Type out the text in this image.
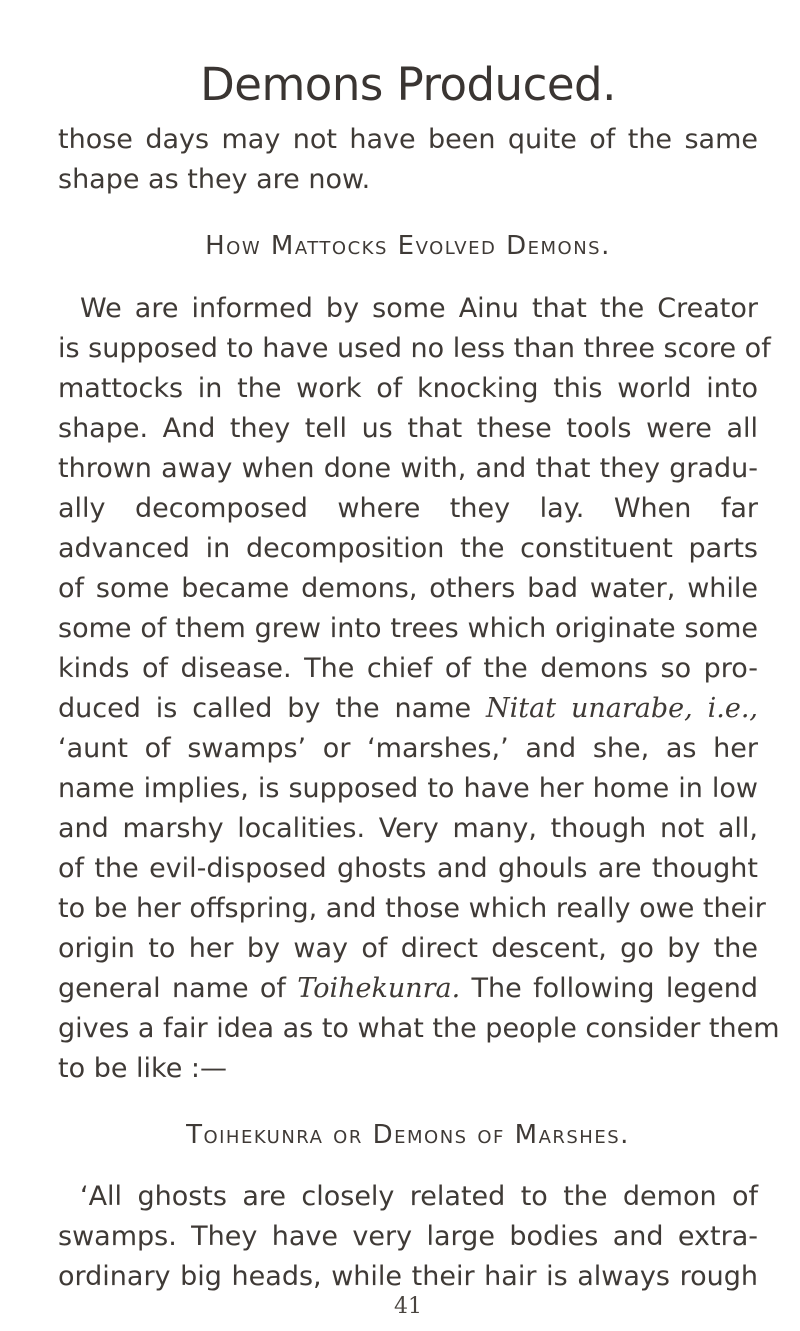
Demons Produced.
those days may not have been quite of the same
shape as they are now.
How Mattocks Evolved Demons.
We are informed by some Ainu that the Creator
is supposed to have used no less than three score of
mattocks in the work of knocking this world into
shape. And they tell us that these tools were all
thrown away when done with, and that they gradu-
ally decomposed where they lay. When far
advanced in decomposition the constituent parts
of some became demons, others bad water, while
some of them grew into trees which originate some
kinds of disease. The chief of the demons so pro-
duced is called by the name Nitat unarabe, i.e.,
‘aunt of swamps’ or ‘marshes,’ and she, as her
name implies, is supposed to have her home in low
and marshy localities. Very many, though not all,
of the evil-disposed ghosts and ghouls are thought
to be her offspring, and those which really owe their
origin to her by way of direct descent, go by the
general name of Toihekunra. The following legend
gives a fair idea as to what the people consider them
to be like :—
Toihekunra or Demons of Marshes.
‘All ghosts are closely related to the demon of
swamps. They have very large bodies and extra-
ordinary big heads, while their hair is always rough
41
